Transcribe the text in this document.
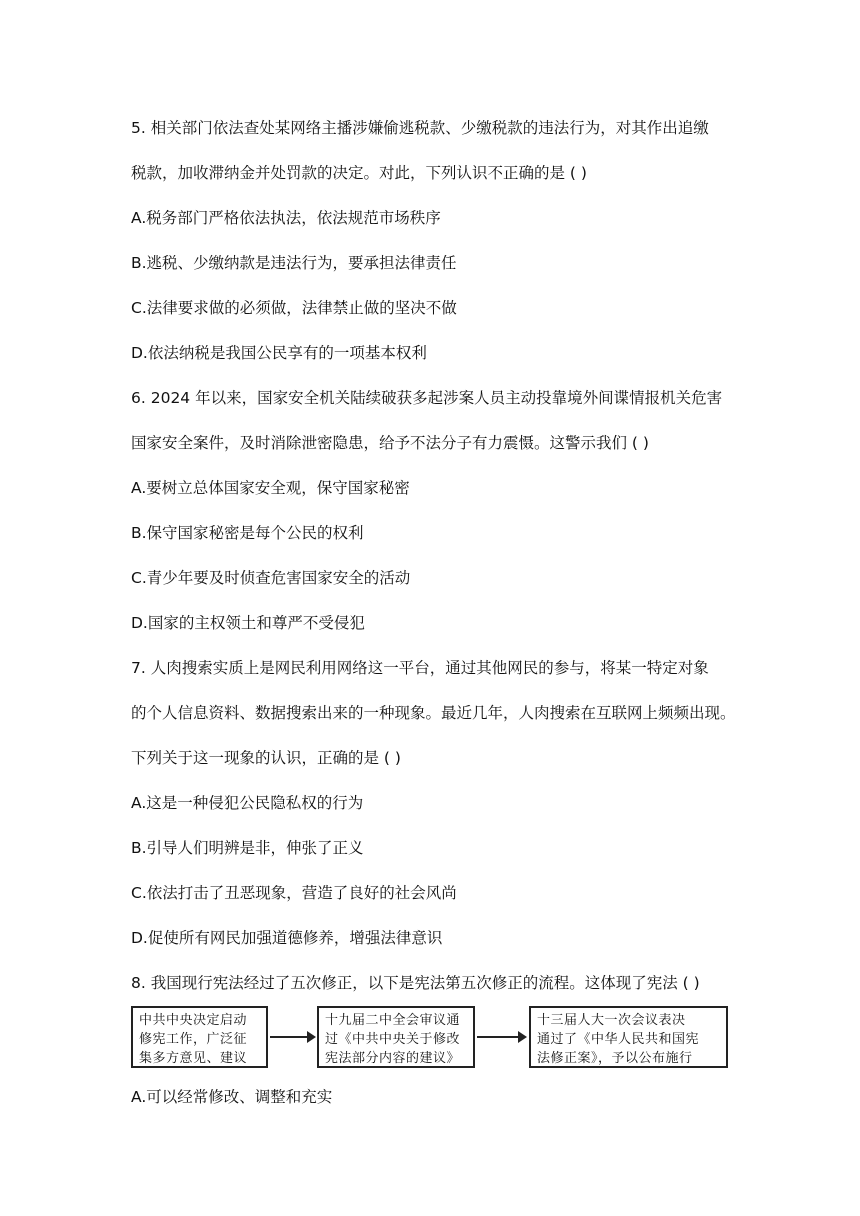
5. 相关部门依法查处某网络主播涉嫌偷逃税款、少缴税款的违法行为，对其作出追缴
税款，加收滞纳金并处罚款的决定。对此，下列认识不正确的是 ( )
A.税务部门严格依法执法，依法规范市场秩序
B.逃税、少缴纳款是违法行为，要承担法律责任
C.法律要求做的必须做，法律禁止做的坚决不做
D.依法纳税是我国公民享有的一项基本权利
6. 2024 年以来，国家安全机关陆续破获多起涉案人员主动投靠境外间谍情报机关危害
国家安全案件，及时消除泄密隐患，给予不法分子有力震慑。这警示我们 ( )
A.要树立总体国家安全观，保守国家秘密
B.保守国家秘密是每个公民的权利
C.青少年要及时侦查危害国家安全的活动
D.国家的主权领土和尊严不受侵犯
7. 人肉搜索实质上是网民利用网络这一平台，通过其他网民的参与，将某一特定对象
的个人信息资料、数据搜索出来的一种现象。最近几年，人肉搜索在互联网上频频出现。
下列关于这一现象的认识，正确的是 ( )
A.这是一种侵犯公民隐私权的行为
B.引导人们明辨是非，伸张了正义
C.依法打击了丑恶现象，营造了良好的社会风尚
D.促使所有网民加强道德修养，增强法律意识
8. 我国现行宪法经过了五次修正，以下是宪法第五次修正的流程。这体现了宪法 ( )
中共中央决定启动
修宪工作，广泛征
集多方意见、建议
十九届二中全会审议通
过《中共中央关于修改
宪法部分内容的建议》
十三届人大一次会议表决
通过了《中华人民共和国宪
法修正案》，予以公布施行
A.可以经常修改、调整和充实
